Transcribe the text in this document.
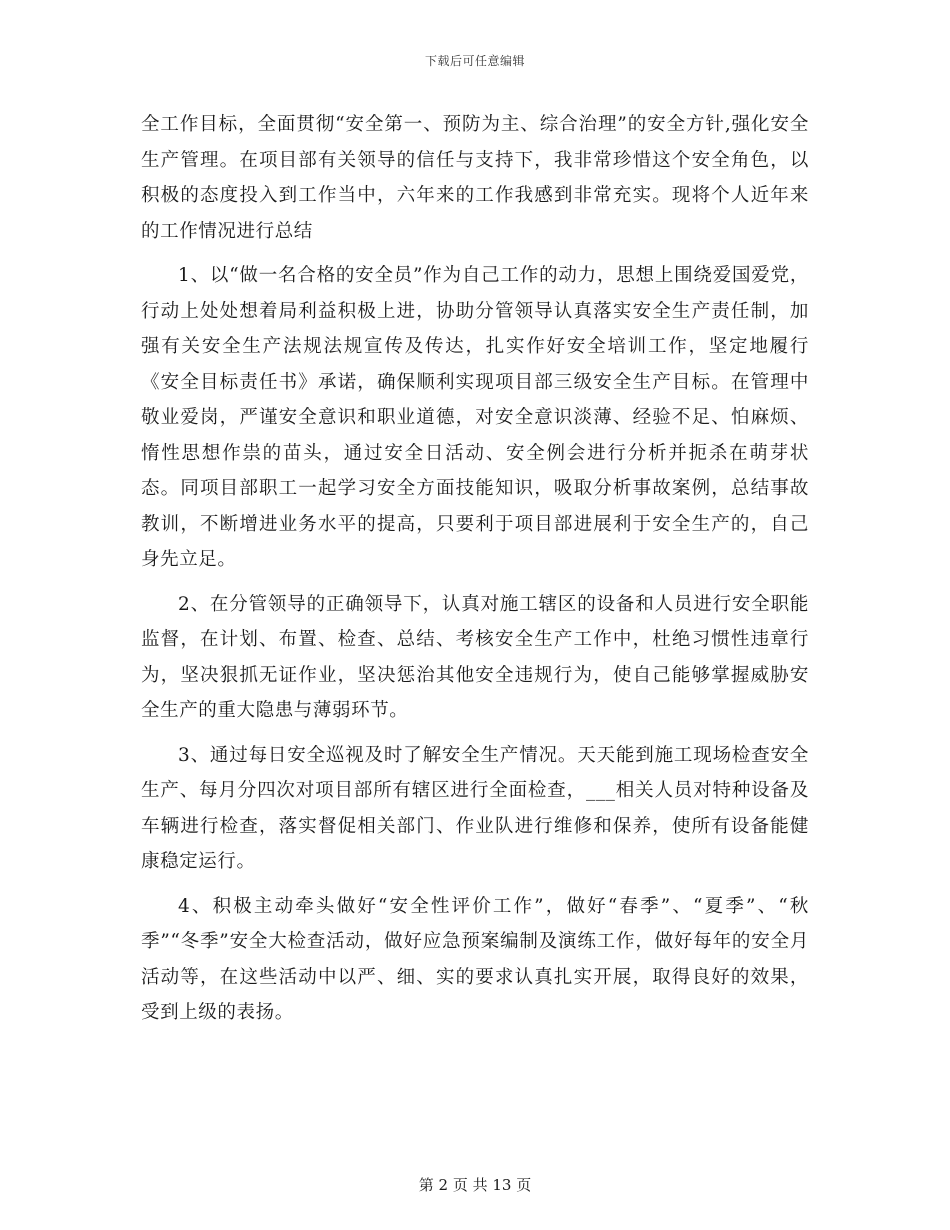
下载后可任意编辑

全工作目标，全面贯彻“安全第一、预防为主、综合治理”的安全方针,强化安全生产管理。在项目部有关领导的信任与支持下，我非常珍惜这个安全角色，以积极的态度投入到工作当中，六年来的工作我感到非常充实。现将个人近年来的工作情况进行总结

1、以“做一名合格的安全员”作为自己工作的动力，思想上围绕爱国爱党，行动上处处想着局利益积极上进，协助分管领导认真落实安全生产责任制，加强有关安全生产法规法规宣传及传达，扎实作好安全培训工作，坚定地履行《安全目标责任书》承诺，确保顺利实现项目部三级安全生产目标。在管理中敬业爱岗，严谨安全意识和职业道德，对安全意识淡薄、经验不足、怕麻烦、惰性思想作祟的苗头，通过安全日活动、安全例会进行分析并扼杀在萌芽状态。同项目部职工一起学习安全方面技能知识，吸取分析事故案例，总结事故教训，不断增进业务水平的提高，只要利于项目部进展利于安全生产的，自己身先立足。

2、在分管领导的正确领导下，认真对施工辖区的设备和人员进行安全职能监督，在计划、布置、检查、总结、考核安全生产工作中，杜绝习惯性违章行为，坚决狠抓无证作业，坚决惩治其他安全违规行为，使自己能够掌握威胁安全生产的重大隐患与薄弱环节。

3、通过每日安全巡视及时了解安全生产情况。天天能到施工现场检查安全生产、每月分四次对项目部所有辖区进行全面检查，___相关人员对特种设备及车辆进行检查，落实督促相关部门、作业队进行维修和保养，使所有设备能健康稳定运行。

4、积极主动牵头做好“安全性评价工作”，做好“春季”、“夏季”、“秋季”“冬季”安全大检查活动，做好应急预案编制及演练工作，做好每年的安全月活动等，在这些活动中以严、细、实的要求认真扎实开展，取得良好的效果，受到上级的表扬。

第 2 页 共 13 页
